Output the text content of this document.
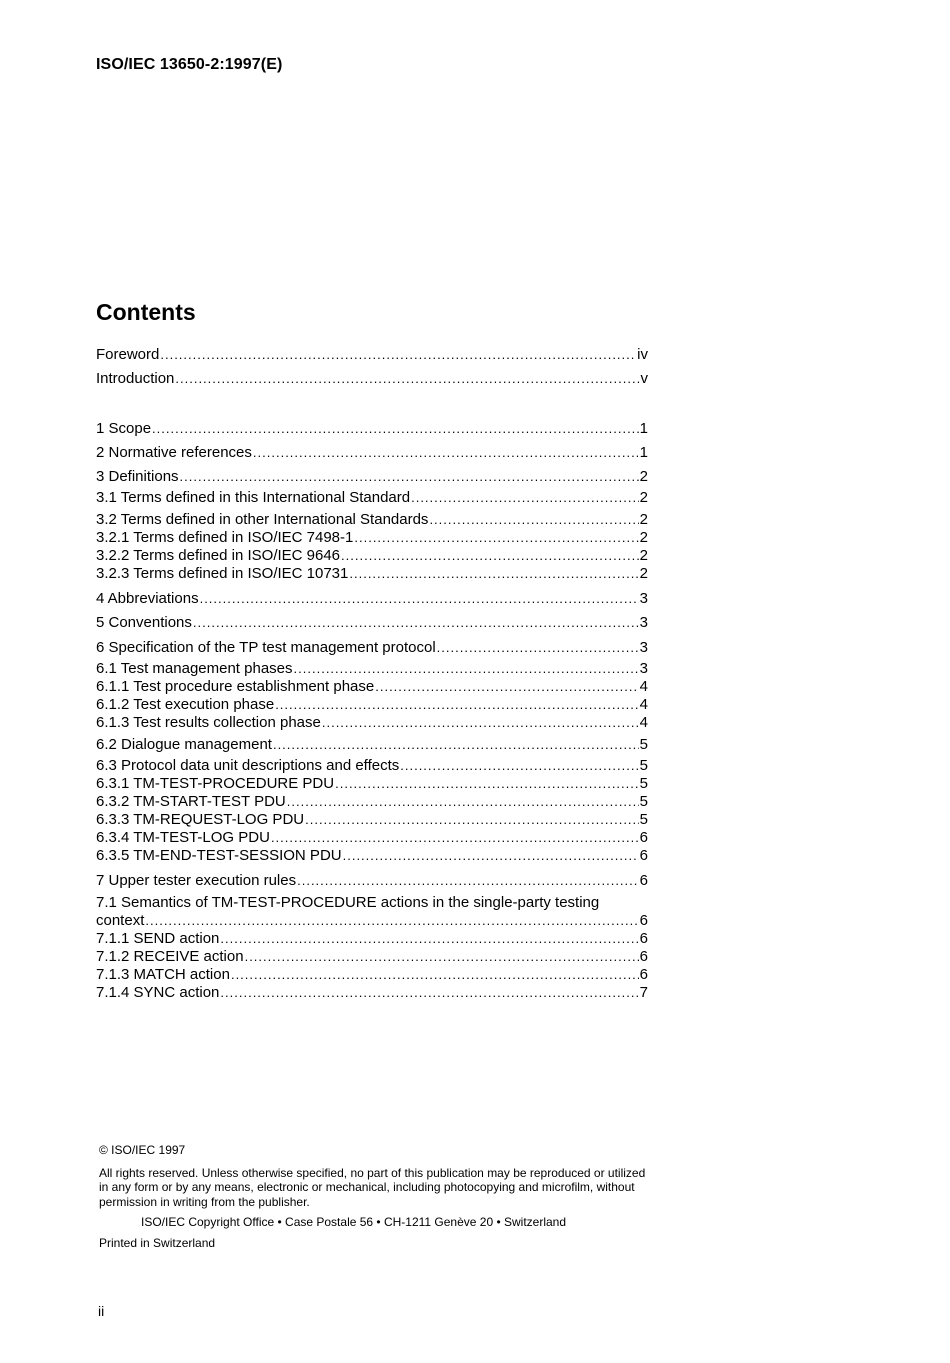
ISO/IEC 13650-2:1997(E)
Contents
Foreword .....	iv
Introduction .....	v
1 Scope .....	1
2 Normative references .....	1
3 Definitions .....	2
3.1 Terms defined in this International Standard .....	2
3.2 Terms defined in other International Standards .....	2
3.2.1 Terms defined in ISO/IEC 7498-1 .....	2
3.2.2 Terms defined in ISO/IEC 9646 .....	2
3.2.3 Terms defined in ISO/IEC 10731 .....	2
4 Abbreviations .....	3
5 Conventions .....	3
6 Specification of the TP test management protocol .....	3
6.1 Test management phases .....	3
6.1.1 Test procedure establishment phase .....	4
6.1.2 Test execution phase .....	4
6.1.3 Test results collection phase .....	4
6.2 Dialogue management .....	5
6.3 Protocol data unit descriptions and effects .....	5
6.3.1 TM-TEST-PROCEDURE PDU .....	5
6.3.2 TM-START-TEST PDU .....	5
6.3.3 TM-REQUEST-LOG PDU .....	5
6.3.4 TM-TEST-LOG PDU .....	6
6.3.5 TM-END-TEST-SESSION PDU .....	6
7 Upper tester execution rules .....	6
7.1 Semantics of TM-TEST-PROCEDURE actions in the single-party testing
context .....	6
7.1.1 SEND action .....	6
7.1.2 RECEIVE action .....	6
7.1.3 MATCH action .....	6
7.1.4 SYNC action .....	7
© ISO/IEC 1997
All rights reserved. Unless otherwise specified, no part of this publication may be reproduced or utilized in any form or by any means, electronic or mechanical, including photocopying and microfilm, without permission in writing from the publisher.
ISO/IEC Copyright Office • Case Postale 56 • CH-1211 Genève 20 • Switzerland
Printed in Switzerland
ii
